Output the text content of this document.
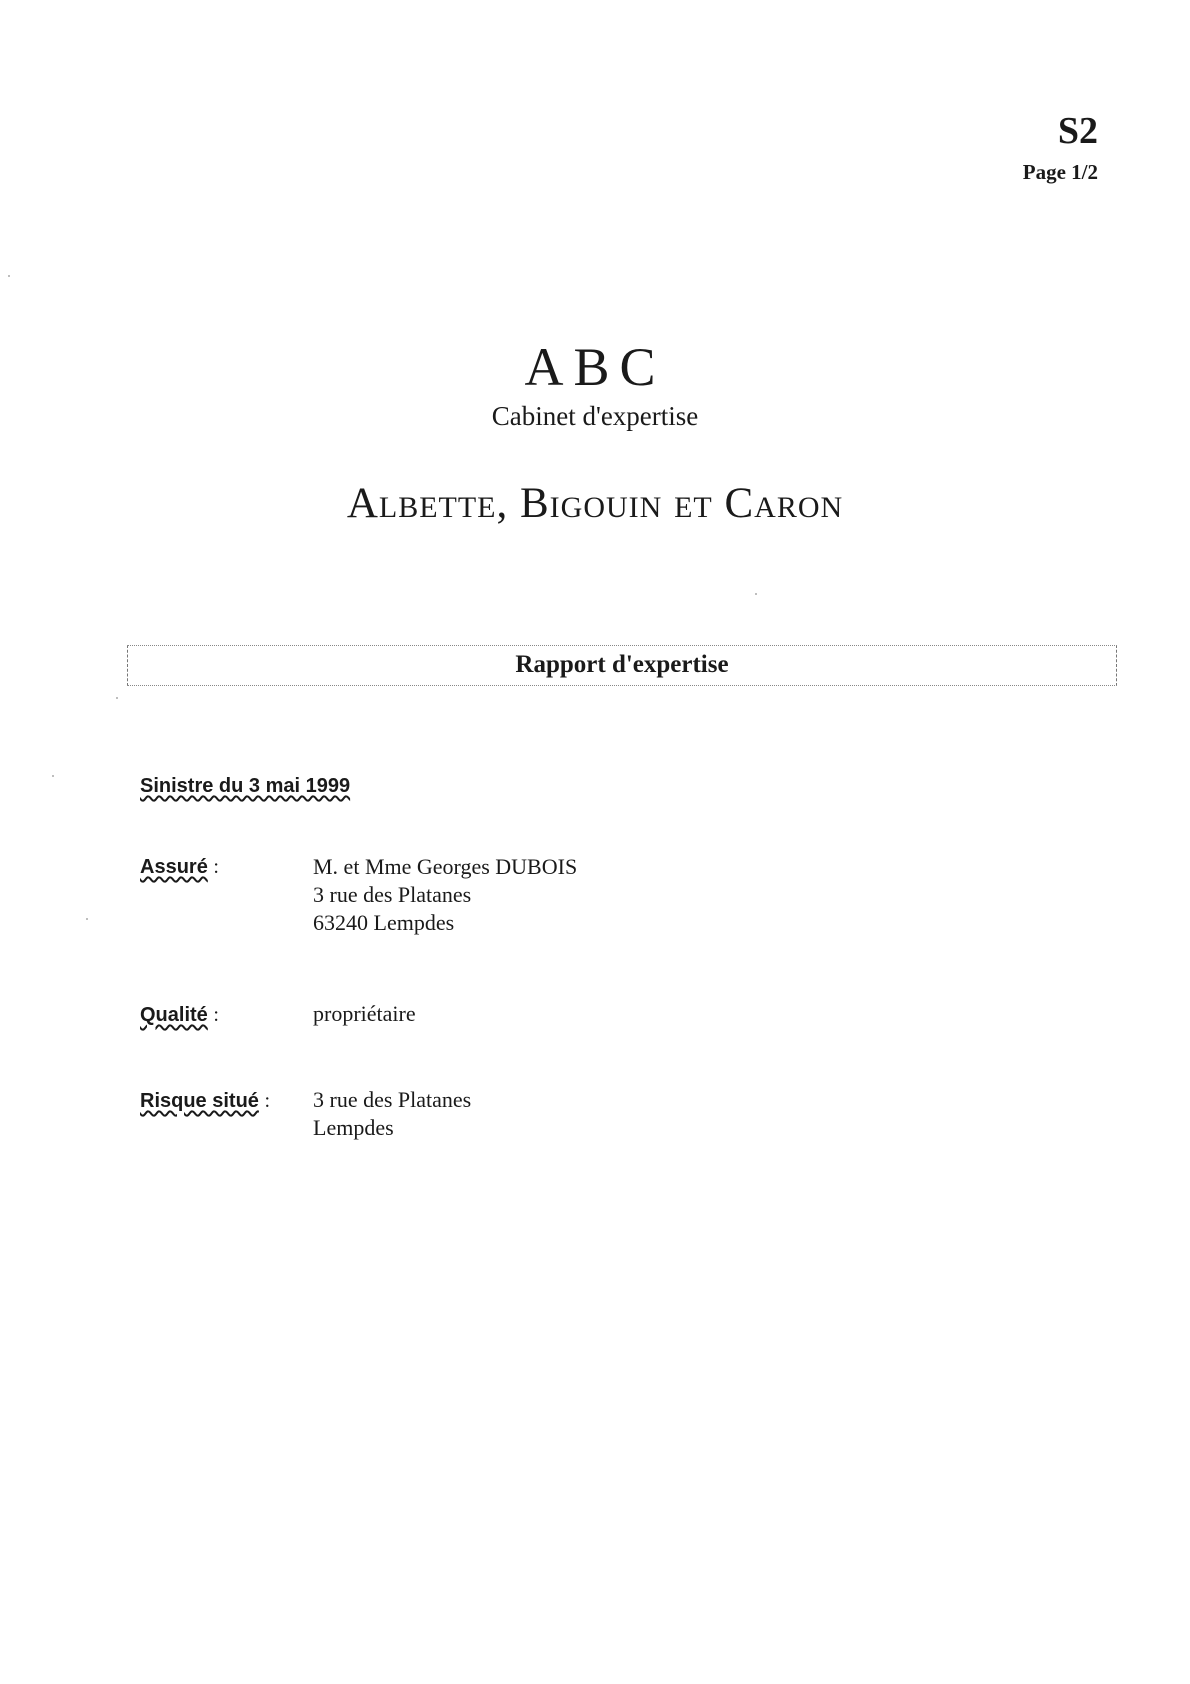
S2
Page 1/2
ABC
Cabinet d'expertise
Albette, Bigouin et Caron
Rapport d'expertise
Sinistre du 3 mai 1999
Assuré :	M. et Mme Georges DUBOIS
3 rue des Platanes
63240 Lempdes
Qualité :	propriétaire
Risque situé : 3 rue des Platanes
Lempdes
